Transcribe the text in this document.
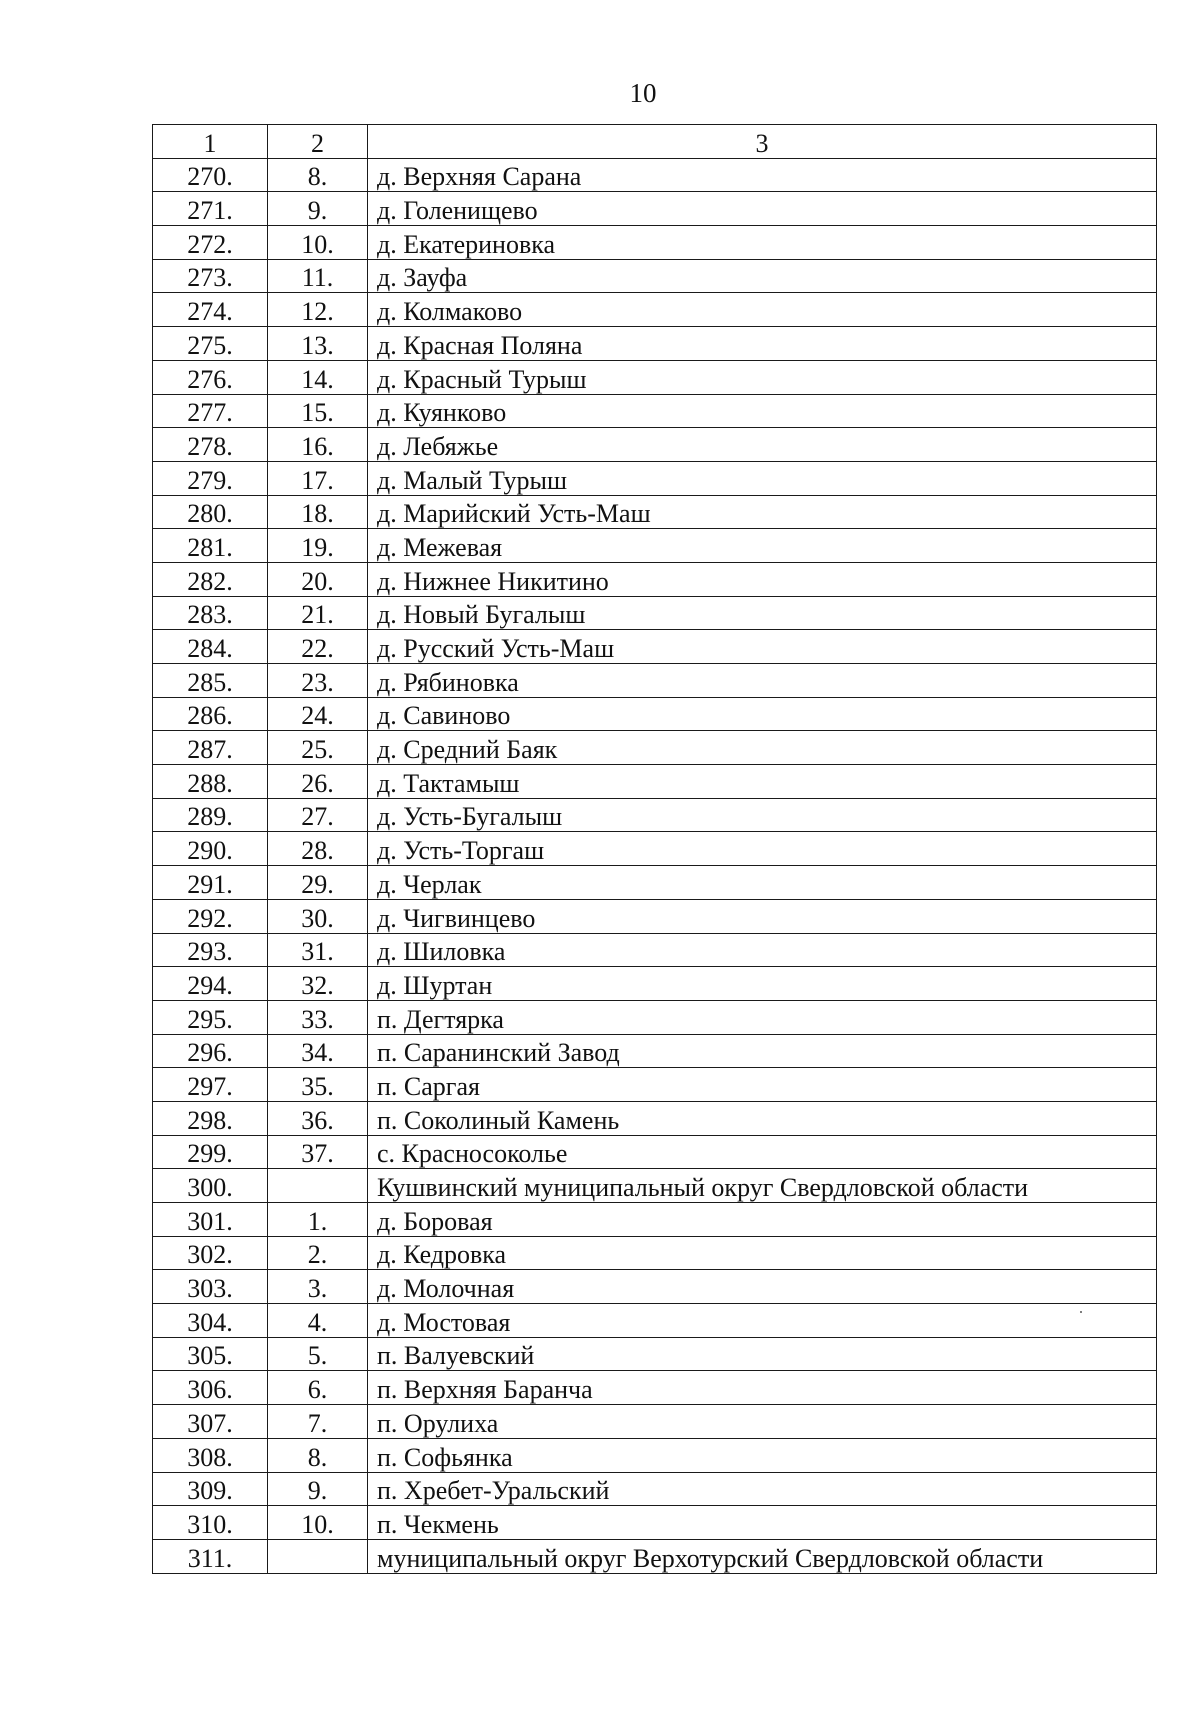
10
1	2	3
270.	8.	д. Верхняя Сарана
271.	9.	д. Голенищево
272.	10.	д. Екатериновка
273.	11.	д. Зауфа
274.	12.	д. Колмаково
275.	13.	д. Красная Поляна
276.	14.	д. Красный Турыш
277.	15.	д. Куянково
278.	16.	д. Лебяжье
279.	17.	д. Малый Турыш
280.	18.	д. Марийский Усть-Маш
281.	19.	д. Межевая
282.	20.	д. Нижнее Никитино
283.	21.	д. Новый Бугалыш
284.	22.	д. Русский Усть-Маш
285.	23.	д. Рябиновка
286.	24.	д. Савиново
287.	25.	д. Средний Баяк
288.	26.	д. Тактамыш
289.	27.	д. Усть-Бугалыш
290.	28.	д. Усть-Торгаш
291.	29.	д. Черлак
292.	30.	д. Чигвинцево
293.	31.	д. Шиловка
294.	32.	д. Шуртан
295.	33.	п. Дегтярка
296.	34.	п. Саранинский Завод
297.	35.	п. Саргая
298.	36.	п. Соколиный Камень
299.	37.	с. Красносоколье
300.		Кушвинский муниципальный округ Свердловской области
301.	1.	д. Боровая
302.	2.	д. Кедровка
303.	3.	д. Молочная
304.	4.	д. Мостовая
305.	5.	п. Валуевский
306.	6.	п. Верхняя Баранча
307.	7.	п. Орулиха
308.	8.	п. Софьянка
309.	9.	п. Хребет-Уральский
310.	10.	п. Чекмень
311.		муниципальный округ Верхотурский Свердловской области
